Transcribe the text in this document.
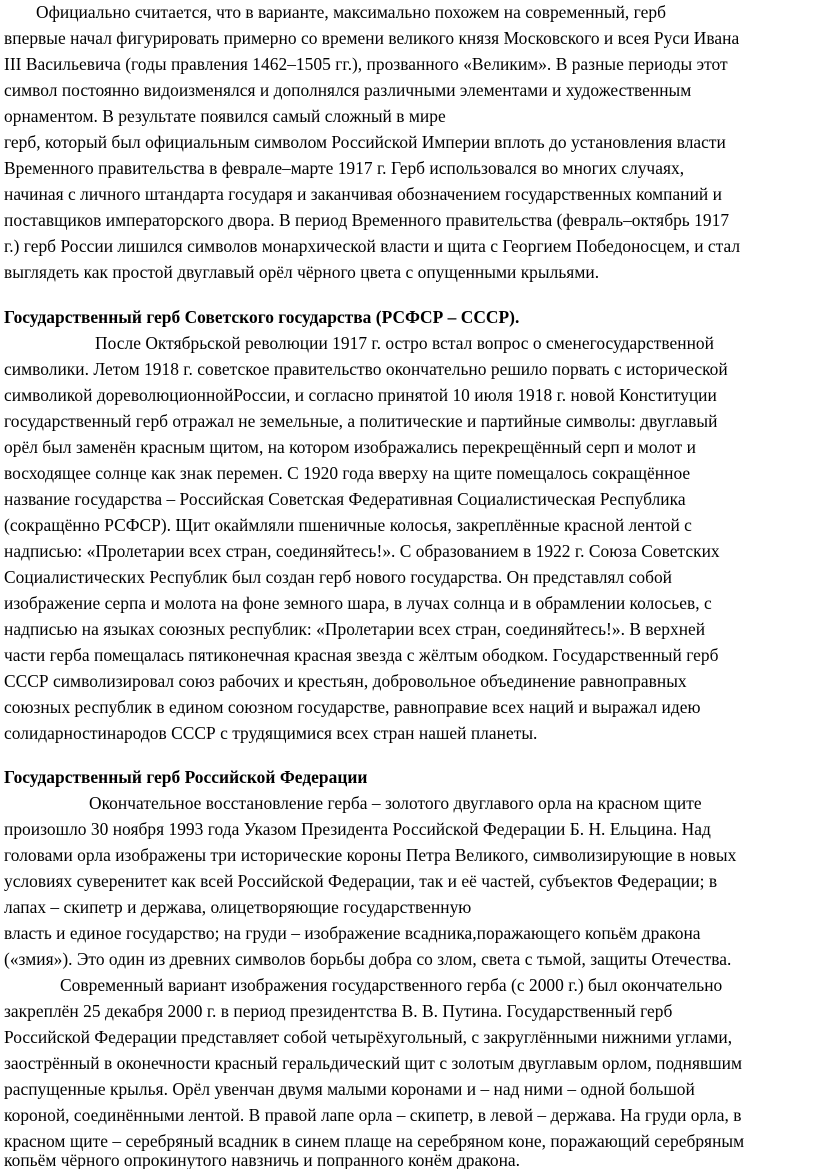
Официально считается, что в варианте, максимально похожем на современный, герб
впервые начал фигурировать примерно со времени великого князя Московского и всея Руси Ивана
III Васильевича (годы правления 1462–1505 гг.), прозванного «Великим». В разные периоды этот
символ постоянно видоизменялся и дополнялся различными элементами и художественным
орнаментом. В результате появился самый сложный в мире
герб, который был официальным символом Российской Империи вплоть до установления власти
Временного правительства в феврале–марте 1917 г. Герб использовался во многих случаях,
начиная с личного штандарта государя и заканчивая обозначением государственных компаний и
поставщиков императорского двора. В период Временного правительства (февраль–октябрь 1917
г.) герб России лишился символов монархической власти и щита с Георгием Победоносцем, и стал
выглядеть как простой двуглавый орёл чёрного цвета с опущенными крыльями.
Государственный герб Советского государства (РСФСР – СССР).
После Октябрьской революции 1917 г. остро встал вопрос о сменегосударственной
символики. Летом 1918 г. советское правительство окончательно решило порвать с исторической
символикой дореволюционнойРоссии, и согласно принятой 10 июля 1918 г. новой Конституции
государственный герб отражал не земельные, а политические и партийные символы: двуглавый
орёл был заменён красным щитом, на котором изображались перекрещённый серп и молот и
восходящее солнце как знак перемен. С 1920 года вверху на щите помещалось сокращённое
название государства – Российская Советская Федеративная Социалистическая Республика
(сокращённо РСФСР). Щит окаймляли пшеничные колосья, закреплённые красной лентой с
надписью: «Пролетарии всех стран, соединяйтесь!». С образованием в 1922 г. Союза Советских
Социалистических Республик был создан герб нового государства. Он представлял собой
изображение серпа и молота на фоне земного шара, в лучах солнца и в обрамлении колосьев, с
надписью на языках союзных республик: «Пролетарии всех стран, соединяйтесь!». В верхней
части герба помещалась пятиконечная красная звезда с жёлтым ободком. Государственный герб
СССР символизировал союз рабочих и крестьян, добровольное объединение равноправных
союзных республик в едином союзном государстве, равноправие всех наций и выражал идею
солидарностинародов СССР с трудящимися всех стран нашей планеты.
Государственный герб Российской Федерации
Окончательное восстановление герба – золотого двуглавого орла на красном щите
произошло 30 ноября 1993 года Указом Президента Российской Федерации Б. Н. Ельцина. Над
головами орла изображены три исторические короны Петра Великого, символизирующие в новых
условиях суверенитет как всей Российской Федерации, так и её частей, субъектов Федерации; в
лапах – скипетр и держава, олицетворяющие государственную
власть и единое государство; на груди – изображение всадника,поражающего копьём дракона
(«змия»). Это один из древних символов борьбы добра со злом, света с тьмой, защиты Отечества.
Современный вариант изображения государственного герба (с 2000 г.) был окончательно
закреплён 25 декабря 2000 г. в период президентства В. В. Путина. Государственный герб
Российской Федерации представляет собой четырёхугольный, с закруглёнными нижними углами,
заострённый в оконечности красный геральдический щит с золотым двуглавым орлом, поднявшим
распущенные крылья. Орёл увенчан двумя малыми коронами и – над ними – одной большой
короной, соединёнными лентой. В правой лапе орла – скипетр, в левой – держава. На груди орла, в
красном щите – серебряный всадник в синем плаще на серебряном коне, поражающий серебряным
копьём чёрного опрокинутого навзничь и попранного конём дракона.
